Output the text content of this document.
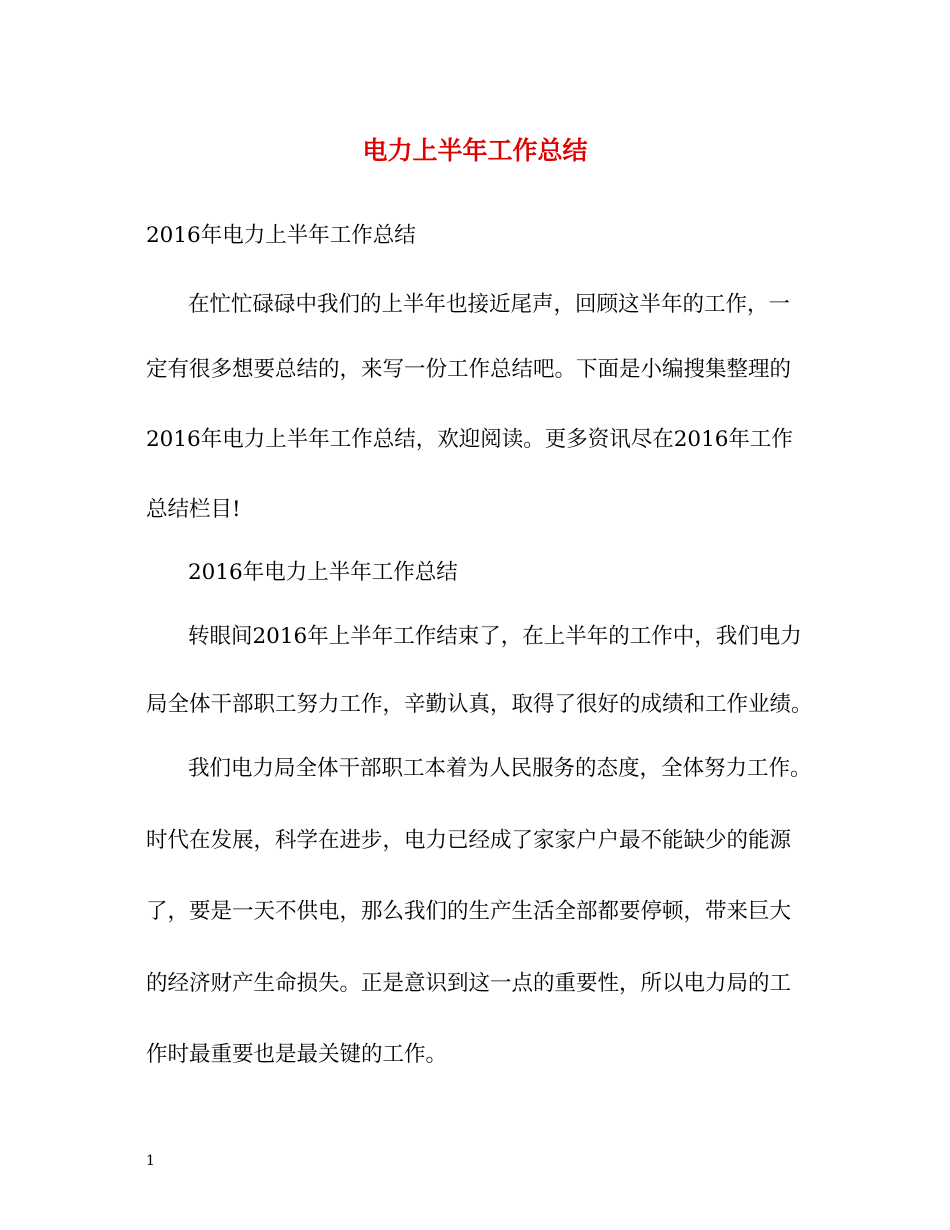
电力上半年工作总结
2016年电力上半年工作总结
在忙忙碌碌中我们的上半年也接近尾声，回顾这半年的工作，一
定有很多想要总结的，来写一份工作总结吧。下面是小编搜集整理的
2016年电力上半年工作总结，欢迎阅读。更多资讯尽在2016年工作
总结栏目!
2016年电力上半年工作总结
转眼间2016年上半年工作结束了，在上半年的工作中，我们电力
局全体干部职工努力工作，辛勤认真，取得了很好的成绩和工作业绩。
我们电力局全体干部职工本着为人民服务的态度，全体努力工作。
时代在发展，科学在进步，电力已经成了家家户户最不能缺少的能源
了，要是一天不供电，那么我们的生产生活全部都要停顿，带来巨大
的经济财产生命损失。正是意识到这一点的重要性，所以电力局的工
作时最重要也是最关键的工作。
1
